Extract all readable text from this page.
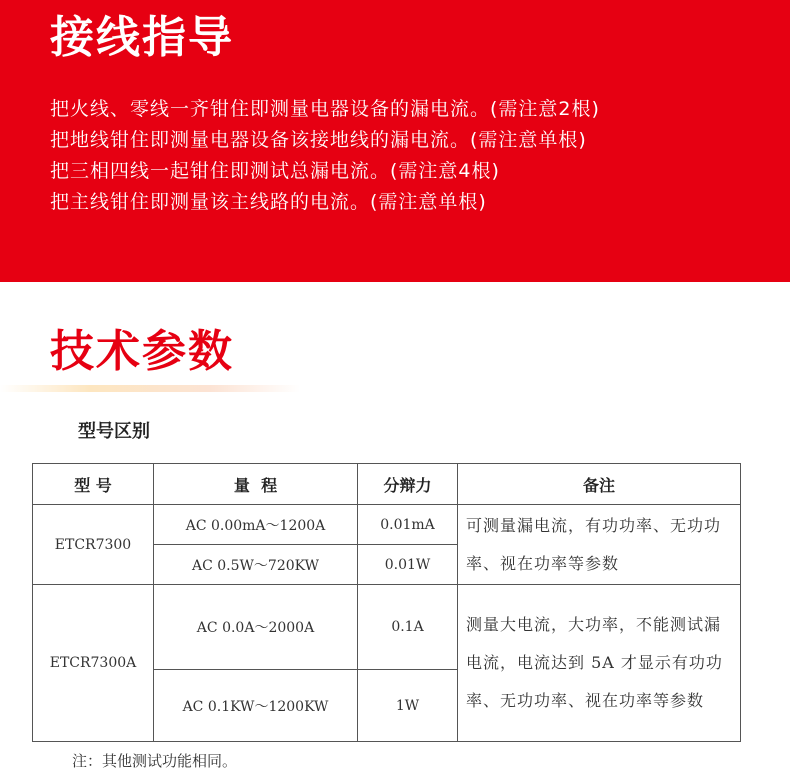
接线指导
把火线、零线一齐钳住即测量电器设备的漏电流。(需注意2根)
把地线钳住即测量电器设备该接地线的漏电流。(需注意单根)
把三相四线一起钳住即测试总漏电流。(需注意4根)
把主线钳住即测量该主线路的电流。(需注意单根)
技术参数
型号区别
型 号	量  程	分辩力	备注
ETCR7300	AC 0.00mA～1200A	0.01mA	可测量漏电流，有功功率、无功功率、视在功率等参数
	AC 0.5W～720KW	0.01W	
ETCR7300A	AC 0.0A～2000A	0.1A	测量大电流，大功率，不能测试漏电流，电流达到 5A 才显示有功功率、无功功率、视在功率等参数
	AC 0.1KW～1200KW	1W	
注：其他测试功能相同。
